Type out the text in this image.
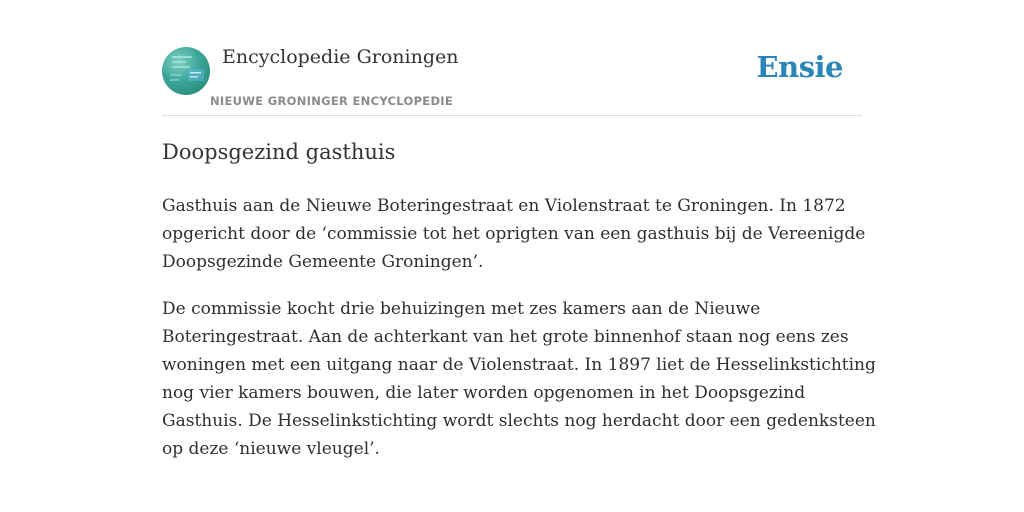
Encyclopedie Groningen
NIEUWE GRONINGER ENCYCLOPEDIE
Ensie
Doopsgezind gasthuis

Gasthuis aan de Nieuwe Boteringestraat en Violenstraat te Groningen. In 1872
opgericht door de ‘commissie tot het oprigten van een gasthuis bij de Vereenigde
Doopsgezinde Gemeente Groningen’.

De commissie kocht drie behuizingen met zes kamers aan de Nieuwe
Boteringestraat. Aan de achterkant van het grote binnenhof staan nog eens zes
woningen met een uitgang naar de Violenstraat. In 1897 liet de Hesselinkstichting
nog vier kamers bouwen, die later worden opgenomen in het Doopsgezind
Gasthuis. De Hesselinkstichting wordt slechts nog herdacht door een gedenksteen
op deze ‘nieuwe vleugel’.
